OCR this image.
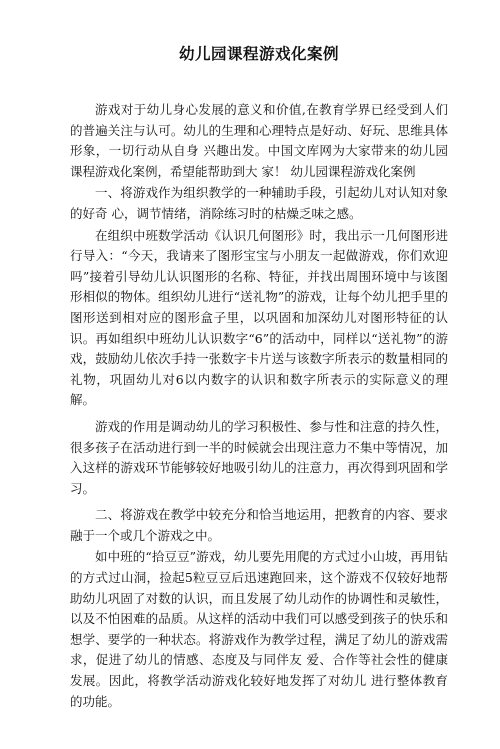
幼儿园课程游戏化案例

游戏对于幼儿身心发展的意义和价值,在教育学界已经受到人们的普遍关注与认可。幼儿的生理和心理特点是好动、好玩、思维具体形象，一切行动从自身 兴趣出发。中国文库网为大家带来的幼儿园课程游戏化案例，希望能帮助到大 家！ 幼儿园课程游戏化案例

一、将游戏作为组织教学的一种辅助手段，引起幼儿对认知对象的好奇 心，调节情绪，消除练习时的枯燥乏味之感。

在组织中班数学活动《认识几何图形》时，我出示一几何图形进行导入：“今天，我请来了图形宝宝与小朋友一起做游戏，你们欢迎吗”接着引导幼儿认识图形的名称、特征，并找出周围环境中与该图形相似的物体。组织幼儿进行“送礼物”的游戏，让每个幼儿把手里的图形送到相对应的图形盒子里，以巩固和加深幼儿对图形特征的认识。再如组织中班幼儿认识数字“6”的活动中，同样以“送礼物”的游戏，鼓励幼儿依次手持一张数字卡片送与该数字所表示的数量相同的礼物，巩固幼儿对6以内数字的认识和数字所表示的实际意义的理解。

游戏的作用是调动幼儿的学习积极性、参与性和注意的持久性，很多孩子在活动进行到一半的时候就会出现注意力不集中等情况，加入这样的游戏环节能够较好地吸引幼儿的注意力，再次得到巩固和学习。

二、将游戏在教学中较充分和恰当地运用，把教育的内容、要求融于一个或几个游戏之中。

如中班的“拾豆豆”游戏，幼儿要先用爬的方式过小山坡，再用钻的方式过山洞，捡起5粒豆豆后迅速跑回来，这个游戏不仅较好地帮助幼儿巩固了对数的认识，而且发展了幼儿动作的协调性和灵敏性，以及不怕困难的品质。从这样的活动中我们可以感受到孩子的快乐和想学、要学的一种状态。将游戏作为教学过程，满足了幼儿的游戏需求，促进了幼儿的情感、态度及与同伴友 爱、合作等社会性的健康发展。因此，将教学活动游戏化较好地发挥了对幼儿 进行整体教育的功能。
